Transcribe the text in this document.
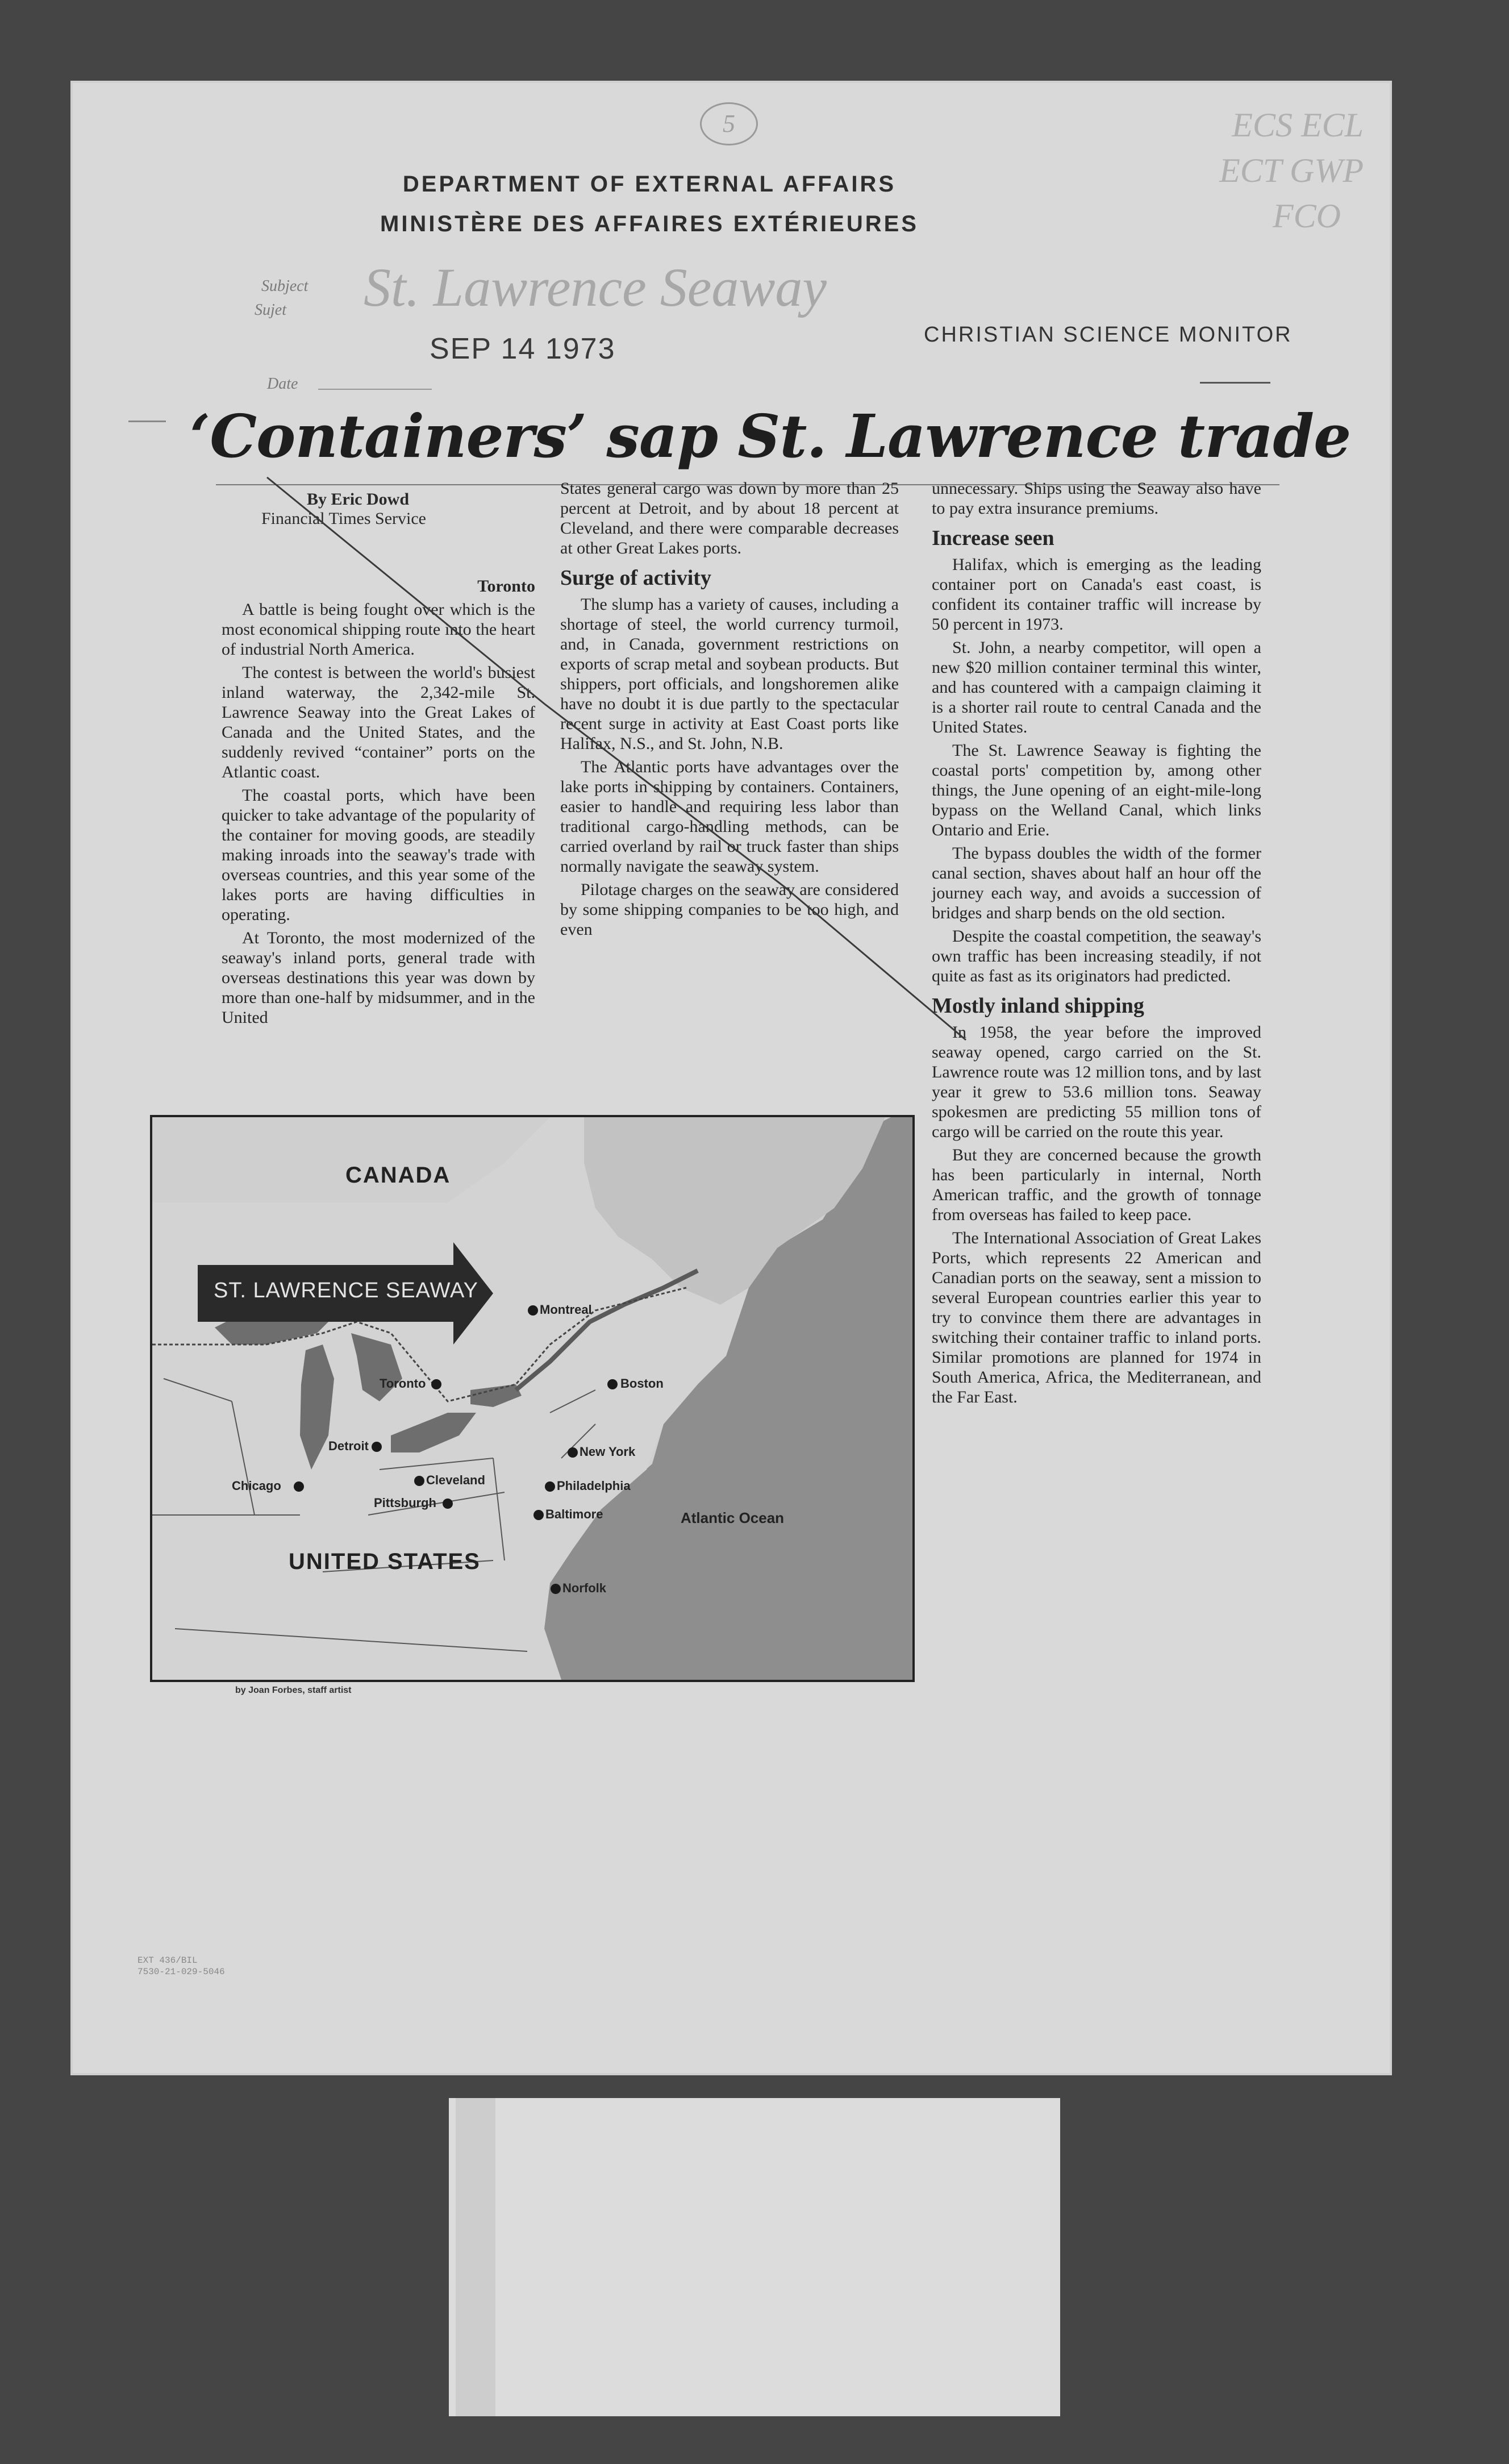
5	ECS ECL
ECT GWP
FCO
DEPARTMENT OF EXTERNAL AFFAIRS
MINISTÈRE DES AFFAIRES EXTÉRIEURES
Subject
Sujet St. Lawrence Seaway
SEP 14 1973	CHRISTIAN SCIENCE MONITOR
Date
‘Containers’ sap St. Lawrence trade
By Eric Dowd
Financial Times Service

Toronto

A battle is being fought over which is the most economical shipping route into the heart of industrial North America.

The contest is between the world's busiest inland waterway, the 2,342-mile St. Lawrence Seaway into the Great Lakes of Canada and the United States, and the suddenly revived “container” ports on the Atlantic coast.

The coastal ports, which have been quicker to take advantage of the popularity of the container for moving goods, are steadily making inroads into the seaway's trade with overseas countries, and this year some of the lakes ports are having difficulties in operating.

At Toronto, the most modernized of the seaway's inland ports, general trade with overseas destinations this year was down by more than one-half by midsummer, and in the United

States general cargo was down by more than 25 percent at Detroit, and by about 18 percent at Cleveland, and there were comparable decreases at other Great Lakes ports.

Surge of activity

The slump has a variety of causes, including a shortage of steel, the world currency turmoil, and, in Canada, government restrictions on exports of scrap metal and soybean products. But shippers, port officials, and longshoremen alike have no doubt it is due partly to the spectacular recent surge in activity at East Coast ports like Halifax, N.S., and St. John, N.B.

The Atlantic ports have advantages over the lake ports in shipping by containers. Containers, easier to handle and requiring less labor than traditional cargo-handling methods, can be carried overland by rail or truck faster than ships normally navigate the seaway system.

Pilotage charges on the seaway are considered by some shipping companies to be too high, and even

unnecessary. Ships using the Seaway also have to pay extra insurance premiums.

Increase seen

Halifax, which is emerging as the leading container port on Canada's east coast, is confident its container traffic will increase by 50 percent in 1973.

St. John, a nearby competitor, will open a new $20 million container terminal this winter, and has countered with a campaign claiming it is a shorter rail route to central Canada and the United States.

The St. Lawrence Seaway is fighting the coastal ports' competition by, among other things, the June opening of an eight-mile-long bypass on the Welland Canal, which links Ontario and Erie.

The bypass doubles the width of the former canal section, shaves about half an hour off the journey each way, and avoids a succession of bridges and sharp bends on the old section.

Despite the coastal competition, the seaway's own traffic has been increasing steadily, if not quite as fast as its originators had predicted.

Mostly inland shipping

In 1958, the year before the improved seaway opened, cargo carried on the St. Lawrence route was 12 million tons, and by last year it grew to 53.6 million tons. Seaway spokesmen are predicting 55 million tons of cargo will be carried on the route this year.

But they are concerned because the growth has been particularly in internal, North American traffic, and the growth of tonnage from overseas has failed to keep pace.

The International Association of Great Lakes Ports, which represents 22 American and Canadian ports on the seaway, sent a mission to several European countries earlier this year to try to convince them there are advantages in switching their container traffic to inland ports. Similar promotions are planned for 1974 in South America, Africa, the Mediterranean, and the Far East.

CANADA
ST. LAWRENCE SEAWAY
UNITED STATES
Atlantic Ocean
Montreal
Toronto	Boston
Detroit	New York
Chicago	Cleveland	Philadelphia
Pittsburgh
Baltimore
Norfolk
by Joan Forbes, staff artist
EXT 436/BIL
7530-21-029-5046
